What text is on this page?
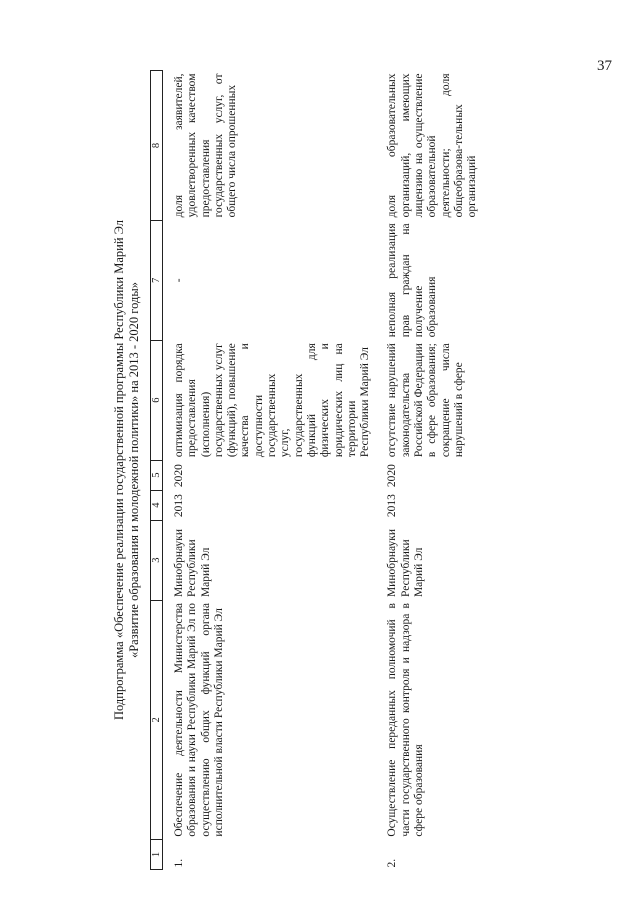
37
Подпрограмма «Обеспечение реализации государственной программы Республики Марий Эл «Развитие образования и молодежной политики» на 2013 - 2020 годы»
1	2	3	4	5	6	7	8
1.	Обеспечение деятельности Министерства образования и науки Республики Марий Эл по осуществлению общих функций органа исполнительной власти Республики Марий Эл	Минобрнауки Республики Марий Эл	2013	2020	оптимизация порядка предоставления (исполнения) государственных услуг (функций), повышение качества и доступности государственных услуг, государственных функций для физических и юридических лиц на территории Республики Марий Эл	-	доля заявителей, удовлетворенных качеством предоставления государственных услуг, от общего числа опрошенных
2.	Осуществление переданных полномочий в части государственного контроля и надзора в сфере образования	Минобрнауки Республики Марий Эл	2013	2020	отсутствие нарушений законодательства Российской Федерации в сфере образования; сокращение числа нарушений в сфере	неполная реализация прав граждан на получение образования	доля образовательных организаций, имеющих лицензию на осуществление образовательной деятельности; доля общеобразова-тельных организаций
